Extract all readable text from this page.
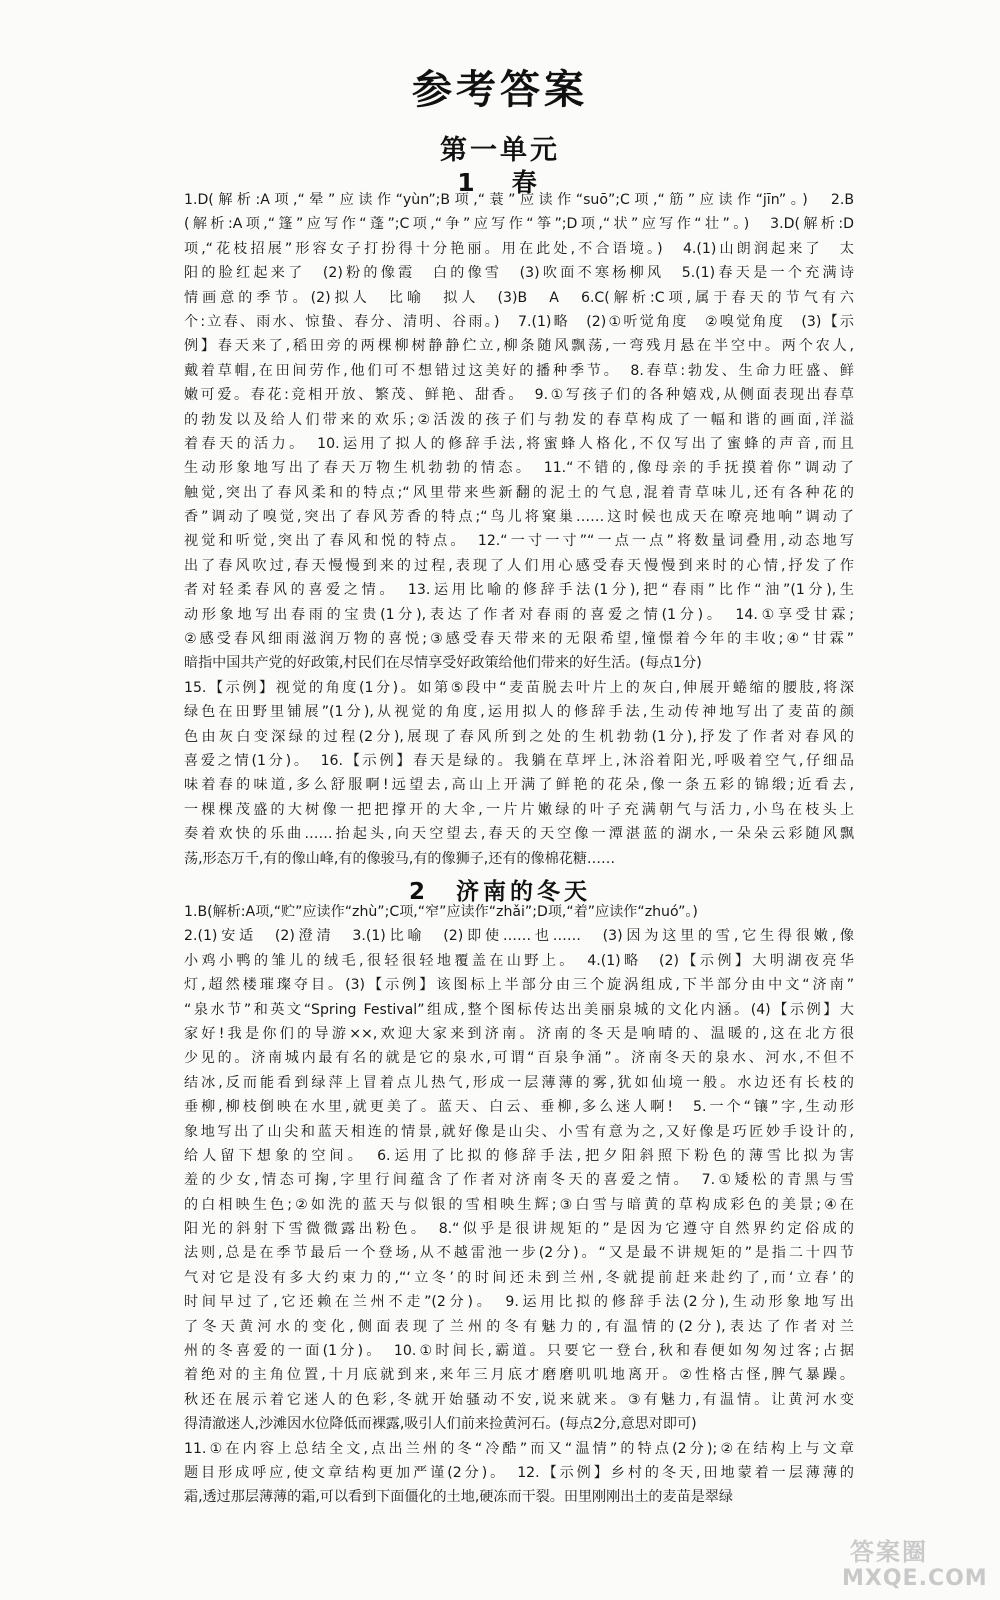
参考答案
第一单元
1　春
1.D(解析:A项,“晕”应读作“yùn”;B项,“蓑”应读作“suō”;C项,“筋”应读作“jīn”。)　2.B
(解析:A项,“篷”应写作“蓬”;C项,“争”应写作“筝”;D项,“状”应写作“壮”。)　3.D(解析:D
项,“花枝招展”形容女子打扮得十分艳丽。用在此处,不合语境。)　4.(1)山朗润起来了　太
阳的脸红起来了　(2)粉的像霞　白的像雪　(3)吹面不寒杨柳风　5.(1)春天是一个充满诗
情画意的季节。(2)拟人　比喻　拟人　(3)B　A　6.C(解析:C项,属于春天的节气有六
个:立春、雨水、惊蛰、春分、清明、谷雨。)　7.(1)略　(2)①听觉角度　②嗅觉角度　(3)【示
例】春天来了,稻田旁的两棵柳树静静伫立,柳条随风飘荡,一弯残月悬在半空中。两个农人,
戴着草帽,在田间劳作,他们可不想错过这美好的播种季节。　8.春草:勃发、生命力旺盛、鲜
嫩可爱。春花:竞相开放、繁茂、鲜艳、甜香。　9.①写孩子们的各种嬉戏,从侧面表现出春草
的勃发以及给人们带来的欢乐;②活泼的孩子们与勃发的春草构成了一幅和谐的画面,洋溢
着春天的活力。　10.运用了拟人的修辞手法,将蜜蜂人格化,不仅写出了蜜蜂的声音,而且
生动形象地写出了春天万物生机勃勃的情态。　11.“不错的,像母亲的手抚摸着你”调动了
触觉,突出了春风柔和的特点;“风里带来些新翻的泥土的气息,混着青草味儿,还有各种花的
香”调动了嗅觉,突出了春风芳香的特点;“鸟儿将窠巢……这时候也成天在嘹亮地响”调动了
视觉和听觉,突出了春风和悦的特点。　12.“一寸一寸”“一点一点”将数量词叠用,动态地写
出了春风吹过,春天慢慢到来的过程,表现了人们用心感受春天慢慢到来时的心情,抒发了作
者对轻柔春风的喜爱之情。　13.运用比喻的修辞手法(1分),把“春雨”比作“油”(1分),生
动形象地写出春雨的宝贵(1分),表达了作者对春雨的喜爱之情(1分)。　14.①享受甘霖;
②感受春风细雨滋润万物的喜悦;③感受春天带来的无限希望,憧憬着今年的丰收;④“甘霖”
暗指中国共产党的好政策,村民们在尽情享受好政策给他们带来的好生活。(每点1分)
15.【示例】视觉的角度(1分)。如第⑤段中“麦苗脱去叶片上的灰白,伸展开蜷缩的腰肢,将深
绿色在田野里铺展”(1分),从视觉的角度,运用拟人的修辞手法,生动传神地写出了麦苗的颜
色由灰白变深绿的过程(2分),展现了春风所到之处的生机勃勃(1分),抒发了作者对春风的
喜爱之情(1分)。　16.【示例】春天是绿的。我躺在草坪上,沐浴着阳光,呼吸着空气,仔细品
味着春的味道,多么舒服啊!远望去,高山上开满了鲜艳的花朵,像一条五彩的锦缎;近看去,
一棵棵茂盛的大树像一把把撑开的大伞,一片片嫩绿的叶子充满朝气与活力,小鸟在枝头上
奏着欢快的乐曲……抬起头,向天空望去,春天的天空像一潭湛蓝的湖水,一朵朵云彩随风飘
荡,形态万千,有的像山峰,有的像骏马,有的像狮子,还有的像棉花糖……
2　济南的冬天
1.B(解析:A项,“贮”应读作“zhù”;C项,“窄”应读作“zhǎi”;D项,“着”应读作“zhuó”。)
2.(1)安适　(2)澄清　3.(1)比喻　(2)即使……也……　(3)因为这里的雪,它生得很嫩,像
小鸡小鸭的雏儿的绒毛,很轻很轻地覆盖在山野上。　4.(1)略　(2)【示例】大明湖夜亮华
灯,超然楼璀璨夺目。(3)【示例】该图标上半部分由三个旋涡组成,下半部分由中文“济南”
“泉水节”和英文“Spring Festival”组成,整个图标传达出美丽泉城的文化内涵。(4)【示例】大
家好!我是你们的导游××,欢迎大家来到济南。济南的冬天是响晴的、温暖的,这在北方很
少见的。济南城内最有名的就是它的泉水,可谓“百泉争涌”。济南冬天的泉水、河水,不但不
结冰,反而能看到绿萍上冒着点儿热气,形成一层薄薄的雾,犹如仙境一般。水边还有长枝的
垂柳,柳枝倒映在水里,就更美了。蓝天、白云、垂柳,多么迷人啊!　5.一个“镶”字,生动形
象地写出了山尖和蓝天相连的情景,就好像是山尖、小雪有意为之,又好像是巧匠妙手设计的,
给人留下想象的空间。　6.运用了比拟的修辞手法,把夕阳斜照下粉色的薄雪比拟为害
羞的少女,情态可掬,字里行间蕴含了作者对济南冬天的喜爱之情。　7.①矮松的青黑与雪
的白相映生色;②如洗的蓝天与似银的雪相映生辉;③白雪与暗黄的草构成彩色的美景;④在
阳光的斜射下雪微微露出粉色。　8.“似乎是很讲规矩的”是因为它遵守自然界约定俗成的
法则,总是在季节最后一个登场,从不越雷池一步(2分)。“又是最不讲规矩的”是指二十四节
气对它是没有多大约束力的,“‘立冬’的时间还未到兰州,冬就提前赶来赴约了,而‘立春’的
时间早过了,它还赖在兰州不走”(2分)。　9.运用比拟的修辞手法(2分),生动形象地写出
了冬天黄河水的变化,侧面表现了兰州的冬有魅力的,有温情的(2分),表达了作者对兰
州的冬喜爱的一面(1分)。　10.①时间长,霸道。只要它一登台,秋和春便如匆匆过客;占据
着绝对的主角位置,十月底就到来,来年三月底才磨磨叽叽地离开。②性格古怪,脾气暴躁。
秋还在展示着它迷人的色彩,冬就开始骚动不安,说来就来。③有魅力,有温情。让黄河水变
得清澈迷人,沙滩因水位降低而裸露,吸引人们前来捡黄河石。(每点2分,意思对即可)
11.①在内容上总结全文,点出兰州的冬“冷酷”而又“温情”的特点(2分);②在结构上与文章
题目形成呼应,使文章结构更加严谨(2分)。　12.【示例】乡村的冬天,田地蒙着一层薄薄的
霜,透过那层薄薄的霜,可以看到下面僵化的土地,硬冻而干裂。田里刚刚出土的麦苗是翠绿
答案圈
MXQE.COM
